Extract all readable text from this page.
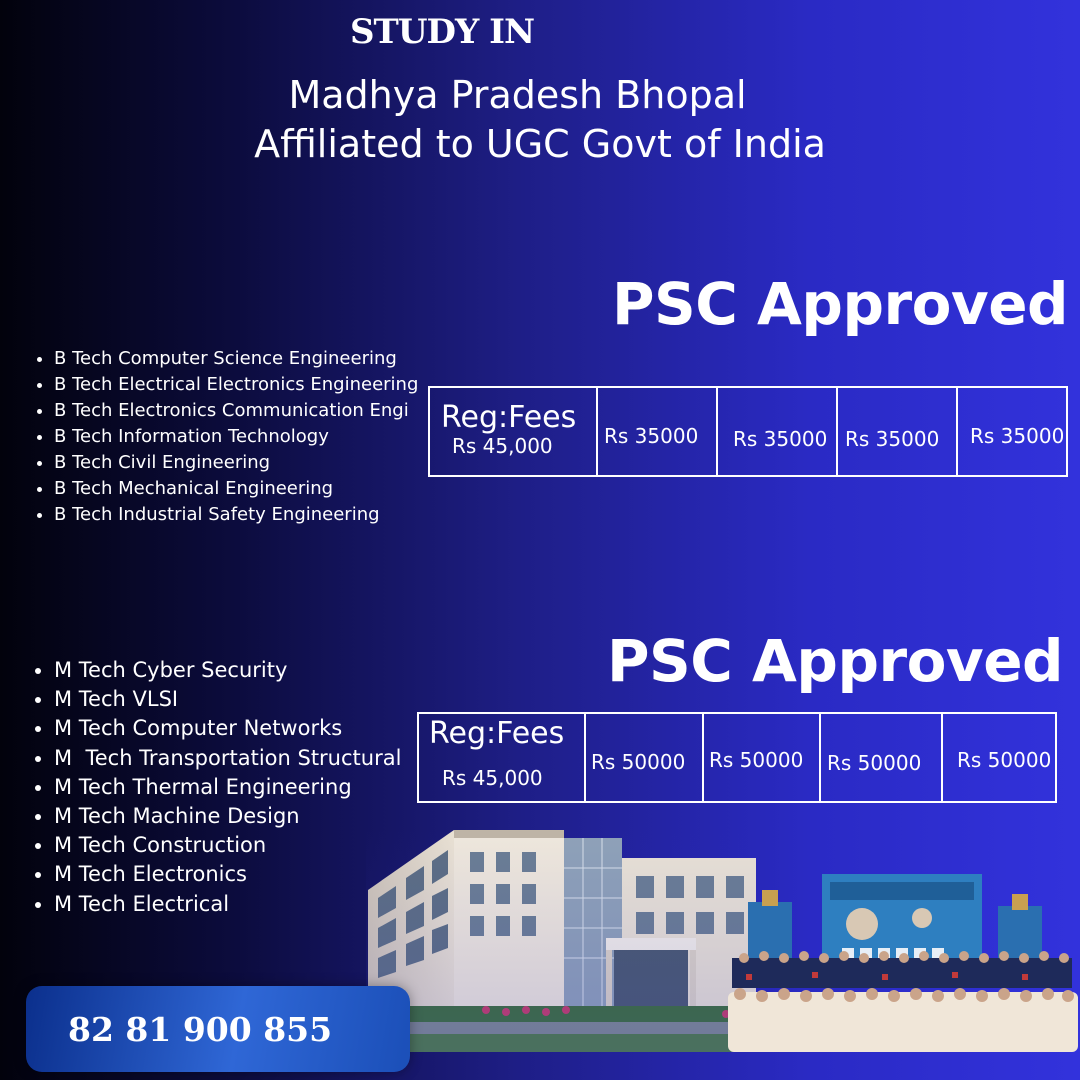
STUDY IN
Madhya Pradesh Bhopal
Affiliated to UGC Govt of India
PSC Approved
• B Tech Computer Science Engineering
• B Tech Electrical Electronics Engineering
• B Tech Electronics Communication Engi
• B Tech Information Technology
• B Tech Civil Engineering
• B Tech Mechanical Engineering
• B Tech Industrial Safety Engineering
Reg:Fees
Rs 45,000	Rs 35000	Rs 35000	Rs 35000	Rs 35000
PSC Approved
• M Tech Cyber Security
• M Tech VLSI
• M Tech Computer Networks
• M  Tech Transportation Structural
• M Tech Thermal Engineering
• M Tech Machine Design
• M Tech Construction
• M Tech Electronics
• M Tech Electrical
Reg:Fees
Rs 45,000

Rs 50000	Rs 50000	Rs 50000	Rs 50000
82 81 900 855
